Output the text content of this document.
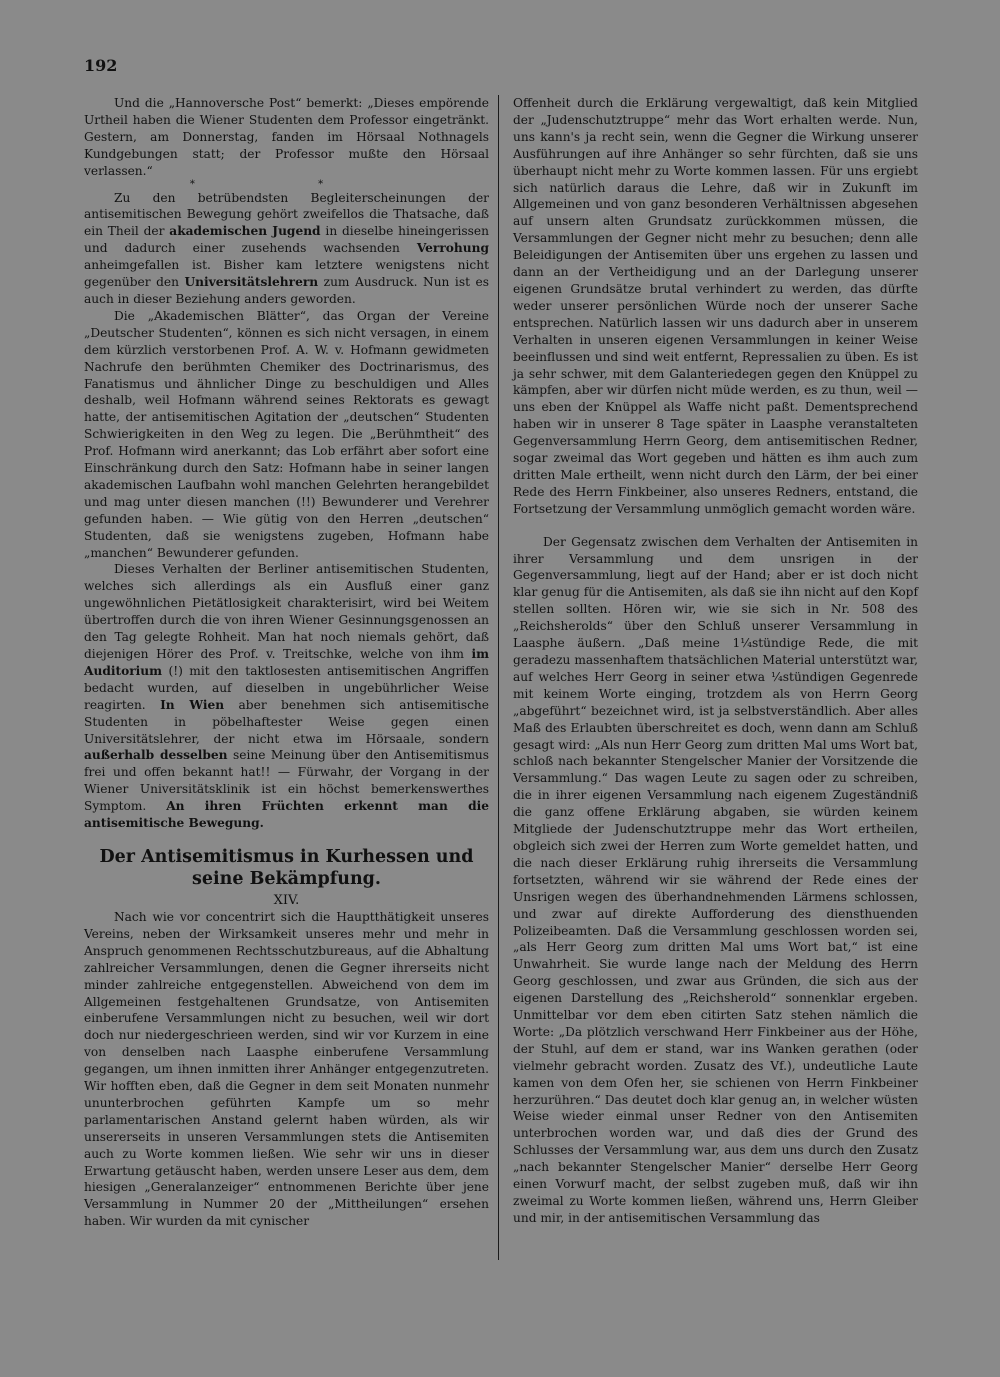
192

Und die „Hannoversche Post“ bemerkt: „Dieses empörende Urtheil haben die Wiener Studenten dem Professor eingetränkt. Gestern, am Donnerstag, fanden im Hörsaal Nothnagels Kundgebungen statt; der Professor mußte den Hörsaal verlassen.“

* *

Zu den betrübendsten Begleiterscheinungen der antisemitischen Bewegung gehört zweifellos die Thatsache, daß ein Theil der akademischen Jugend in dieselbe hineingerissen und dadurch einer zusehends wachsenden Verrohung anheimgefallen ist. Bisher kam letztere wenigstens nicht gegenüber den Universitätslehrern zum Ausdruck. Nun ist es auch in dieser Beziehung anders geworden.

Die „Akademischen Blätter“, das Organ der Vereine „Deutscher Studenten“, können es sich nicht versagen, in einem dem kürzlich verstorbenen Prof. A. W. v. Hofmann gewidmeten Nachrufe den berühmten Chemiker des Doctrinarismus, des Fanatismus und ähnlicher Dinge zu beschuldigen und Alles deshalb, weil Hofmann während seines Rektorats es gewagt hatte, der antisemitischen Agitation der „deutschen“ Studenten Schwierigkeiten in den Weg zu legen. Die „Berühmtheit“ des Prof. Hofmann wird anerkannt; das Lob erfährt aber sofort eine Einschränkung durch den Satz: Hofmann habe in seiner langen akademischen Laufbahn wohl manchen Gelehrten herangebildet und mag unter diesen manchen (!!) Bewunderer und Verehrer gefunden haben. — Wie gütig von den Herren „deutschen“ Studenten, daß sie wenigstens zugeben, Hofmann habe „manchen“ Bewunderer gefunden.

Dieses Verhalten der Berliner antisemitischen Studenten, welches sich allerdings als ein Ausfluß einer ganz ungewöhnlichen Pietätlosigkeit charakterisirt, wird bei Weitem übertroffen durch die von ihren Wiener Gesinnungsgenossen an den Tag gelegte Rohheit. Man hat noch niemals gehört, daß diejenigen Hörer des Prof. v. Treitschke, welche von ihm im Auditorium (!) mit den taktlosesten antisemitischen Angriffen bedacht wurden, auf dieselben in ungebührlicher Weise reagirten. In Wien aber benehmen sich antisemitische Studenten in pöbelhaftester Weise gegen einen Universitätslehrer, der nicht etwa im Hörsaale, sondern außerhalb desselben seine Meinung über den Antisemitismus frei und offen bekannt hat!! — Fürwahr, der Vorgang in der Wiener Universitätsklinik ist ein höchst bemerkenswerthes Symptom. An ihren Früchten erkennt man die antisemitische Bewegung.

Der Antisemitismus in Kurhessen und seine Bekämpfung.
XIV.

Nach wie vor concentrirt sich die Hauptthätigkeit unseres Vereins, neben der Wirksamkeit unseres mehr und mehr in Anspruch genommenen Rechtsschutzbureaus, auf die Abhaltung zahlreicher Versammlungen, denen die Gegner ihrerseits nicht minder zahlreiche entgegenstellen. Abweichend von dem im Allgemeinen festgehaltenen Grundsatze, von Antisemiten einberufene Versammlungen nicht zu besuchen, weil wir dort doch nur niedergeschrieen werden, sind wir vor Kurzem in eine von denselben nach Laasphe einberufene Versammlung gegangen, um ihnen inmitten ihrer Anhänger entgegenzutreten. Wir hofften eben, daß die Gegner in dem seit Monaten nunmehr ununterbrochen geführten Kampfe um so mehr parlamentarischen Anstand gelernt haben würden, als wir unsererseits in unseren Versammlungen stets die Antisemiten auch zu Worte kommen ließen. Wie sehr wir uns in dieser Erwartung getäuscht haben, werden unsere Leser aus dem, dem hiesigen „Generalanzeiger“ entnommenen Berichte über jene Versammlung in Nummer 20 der „Mittheilungen“ ersehen haben. Wir wurden da mit cynischer

Offenheit durch die Erklärung vergewaltigt, daß kein Mitglied der „Judenschutztruppe“ mehr das Wort erhalten werde. Nun, uns kann's ja recht sein, wenn die Gegner die Wirkung unserer Ausführungen auf ihre Anhänger so sehr fürchten, daß sie uns überhaupt nicht mehr zu Worte kommen lassen. Für uns ergiebt sich natürlich daraus die Lehre, daß wir in Zukunft im Allgemeinen und von ganz besonderen Verhältnissen abgesehen auf unsern alten Grundsatz zurückkommen müssen, die Versammlungen der Gegner nicht mehr zu besuchen; denn alle Beleidigungen der Antisemiten über uns ergehen zu lassen und dann an der Vertheidigung und an der Darlegung unserer eigenen Grundsätze brutal verhindert zu werden, das dürfte weder unserer persönlichen Würde noch der unserer Sache entsprechen. Natürlich lassen wir uns dadurch aber in unserem Verhalten in unseren eigenen Versammlungen in keiner Weise beeinflussen und sind weit entfernt, Repressalien zu üben. Es ist ja sehr schwer, mit dem Galanteriedegen gegen den Knüppel zu kämpfen, aber wir dürfen nicht müde werden, es zu thun, weil — uns eben der Knüppel als Waffe nicht paßt. Dementsprechend haben wir in unserer 8 Tage später in Laasphe veranstalteten Gegenversammlung Herrn Georg, dem antisemitischen Redner, sogar zweimal das Wort gegeben und hätten es ihm auch zum dritten Male ertheilt, wenn nicht durch den Lärm, der bei einer Rede des Herrn Finkbeiner, also unseres Redners, entstand, die Fortsetzung der Versammlung unmöglich gemacht worden wäre.

Der Gegensatz zwischen dem Verhalten der Antisemiten in ihrer Versammlung und dem unsrigen in der Gegenversammlung, liegt auf der Hand; aber er ist doch nicht klar genug für die Antisemiten, als daß sie ihn nicht auf den Kopf stellen sollten. Hören wir, wie sie sich in Nr. 508 des „Reichsherolds“ über den Schluß unserer Versammlung in Laasphe äußern. „Daß meine 1¼stündige Rede, die mit geradezu massenhaftem thatsächlichen Material unterstützt war, auf welches Herr Georg in seiner etwa ¼stündigen Gegenrede mit keinem Worte einging, trotzdem als von Herrn Georg „abgeführt“ bezeichnet wird, ist ja selbstverständlich. Aber alles Maß des Erlaubten überschreitet es doch, wenn dann am Schluß gesagt wird: „Als nun Herr Georg zum dritten Mal ums Wort bat, schloß nach bekannter Stengelscher Manier der Vorsitzende die Versammlung.“ Das wagen Leute zu sagen oder zu schreiben, die in ihrer eigenen Versammlung nach eigenem Zugeständniß die ganz offene Erklärung abgaben, sie würden keinem Mitgliede der Judenschutztruppe mehr das Wort ertheilen, obgleich sich zwei der Herren zum Worte gemeldet hatten, und die nach dieser Erklärung ruhig ihrerseits die Versammlung fortsetzten, während wir sie während der Rede eines der Unsrigen wegen des überhandnehmenden Lärmens schlossen, und zwar auf direkte Aufforderung des diensthuenden Polizeibeamten. Daß die Versammlung geschlossen worden sei, „als Herr Georg zum dritten Mal ums Wort bat,“ ist eine Unwahrheit. Sie wurde lange nach der Meldung des Herrn Georg geschlossen, und zwar aus Gründen, die sich aus der eigenen Darstellung des „Reichsherold“ sonnenklar ergeben. Unmittelbar vor dem eben citirten Satz stehen nämlich die Worte: „Da plötzlich verschwand Herr Finkbeiner aus der Höhe, der Stuhl, auf dem er stand, war ins Wanken gerathen (oder vielmehr gebracht worden. Zusatz des Vf.), undeutliche Laute kamen von dem Ofen her, sie schienen von Herrn Finkbeiner herzurühren.“ Das deutet doch klar genug an, in welcher wüsten Weise wieder einmal unser Redner von den Antisemiten unterbrochen worden war, und daß dies der Grund des Schlusses der Versammlung war, aus dem uns durch den Zusatz „nach bekannter Stengelscher Manier“ derselbe Herr Georg einen Vorwurf macht, der selbst zugeben muß, daß wir ihn zweimal zu Worte kommen ließen, während uns, Herrn Gleiber und mir, in der antisemitischen Versammlung das
